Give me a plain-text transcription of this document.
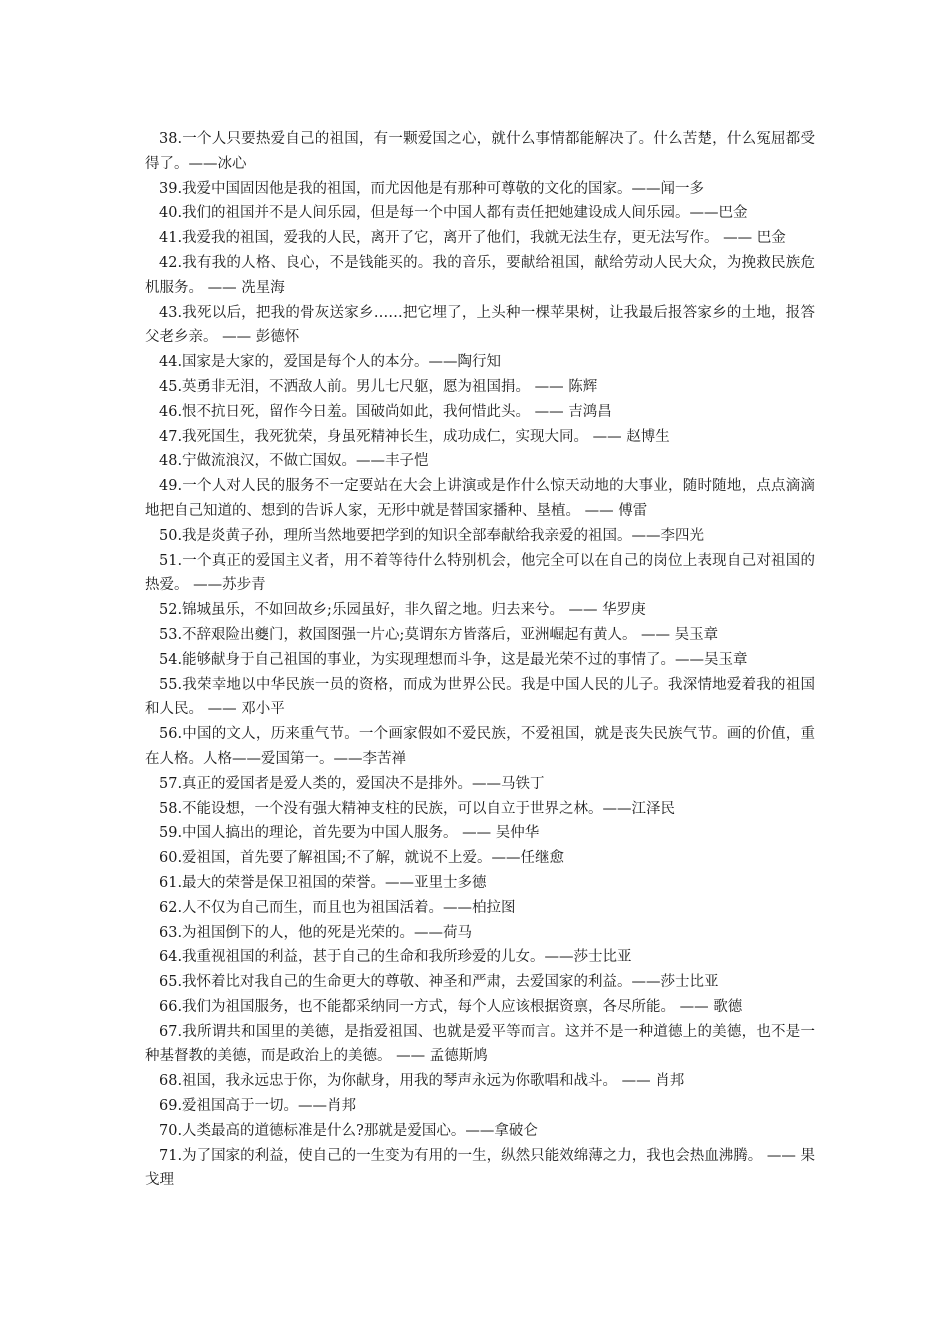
38.一个人只要热爱自己的祖国，有一颗爱国之心，就什么事情都能解决了。什么苦楚，什么冤屈都受得了。——冰心

39.我爱中国固因他是我的祖国，而尤因他是有那种可尊敬的文化的国家。——闻一多

40.我们的祖国并不是人间乐园，但是每一个中国人都有责任把她建设成人间乐园。——巴金

41.我爱我的祖国，爱我的人民，离开了它，离开了他们，我就无法生存，更无法写作。 —— 巴金

42.我有我的人格、良心，不是钱能买的。我的音乐，要献给祖国，献给劳动人民大众，为挽救民族危机服务。 —— 冼星海

43.我死以后，把我的骨灰送家乡……把它埋了，上头种一棵苹果树，让我最后报答家乡的土地，报答父老乡亲。 —— 彭德怀

44.国家是大家的，爱国是每个人的本分。——陶行知

45.英勇非无泪，不洒敌人前。男儿七尺躯，愿为祖国捐。 —— 陈辉

46.恨不抗日死，留作今日羞。国破尚如此，我何惜此头。 —— 吉鸿昌

47.我死国生，我死犹荣，身虽死精神长生，成功成仁，实现大同。 —— 赵博生

48.宁做流浪汉，不做亡国奴。——丰子恺

49.一个人对人民的服务不一定要站在大会上讲演或是作什么惊天动地的大事业，随时随地，点点滴滴地把自己知道的、想到的告诉人家，无形中就是替国家播种、垦植。 —— 傅雷

50.我是炎黄子孙，理所当然地要把学到的知识全部奉献给我亲爱的祖国。——李四光

51.一个真正的爱国主义者，用不着等待什么特别机会，他完全可以在自己的岗位上表现自己对祖国的热爱。 ——苏步青

52.锦城虽乐，不如回故乡;乐园虽好，非久留之地。归去来兮。 —— 华罗庚

53.不辞艰险出夔门，救国图强一片心;莫谓东方皆落后，亚洲崛起有黄人。 —— 吴玉章

54.能够献身于自己祖国的事业，为实现理想而斗争，这是最光荣不过的事情了。——吴玉章

55.我荣幸地以中华民族一员的资格，而成为世界公民。我是中国人民的儿子。我深情地爱着我的祖国和人民。 —— 邓小平

56.中国的文人，历来重气节。一个画家假如不爱民族，不爱祖国，就是丧失民族气节。画的价值，重在人格。人格——爱国第一。——李苦禅

57.真正的爱国者是爱人类的，爱国决不是排外。——马铁丁

58.不能设想，一个没有强大精神支柱的民族，可以自立于世界之林。——江泽民

59.中国人搞出的理论，首先要为中国人服务。 —— 吴仲华

60.爱祖国，首先要了解祖国;不了解，就说不上爱。——任继愈

61.最大的荣誉是保卫祖国的荣誉。——亚里士多德

62.人不仅为自己而生，而且也为祖国活着。——柏拉图

63.为祖国倒下的人，他的死是光荣的。——荷马

64.我重视祖国的利益，甚于自己的生命和我所珍爱的儿女。——莎士比亚

65.我怀着比对我自己的生命更大的尊敬、神圣和严肃，去爱国家的利益。——莎士比亚

66.我们为祖国服务，也不能都采纳同一方式，每个人应该根据资禀，各尽所能。 —— 歌德

67.我所谓共和国里的美德，是指爱祖国、也就是爱平等而言。这并不是一种道德上的美德，也不是一种基督教的美德，而是政治上的美德。 —— 孟德斯鸠

68.祖国，我永远忠于你，为你献身，用我的琴声永远为你歌唱和战斗。 —— 肖邦

69.爱祖国高于一切。——肖邦

70.人类最高的道德标准是什么?那就是爱国心。——拿破仑

71.为了国家的利益，使自己的一生变为有用的一生，纵然只能效绵薄之力，我也会热血沸腾。 —— 果戈理
